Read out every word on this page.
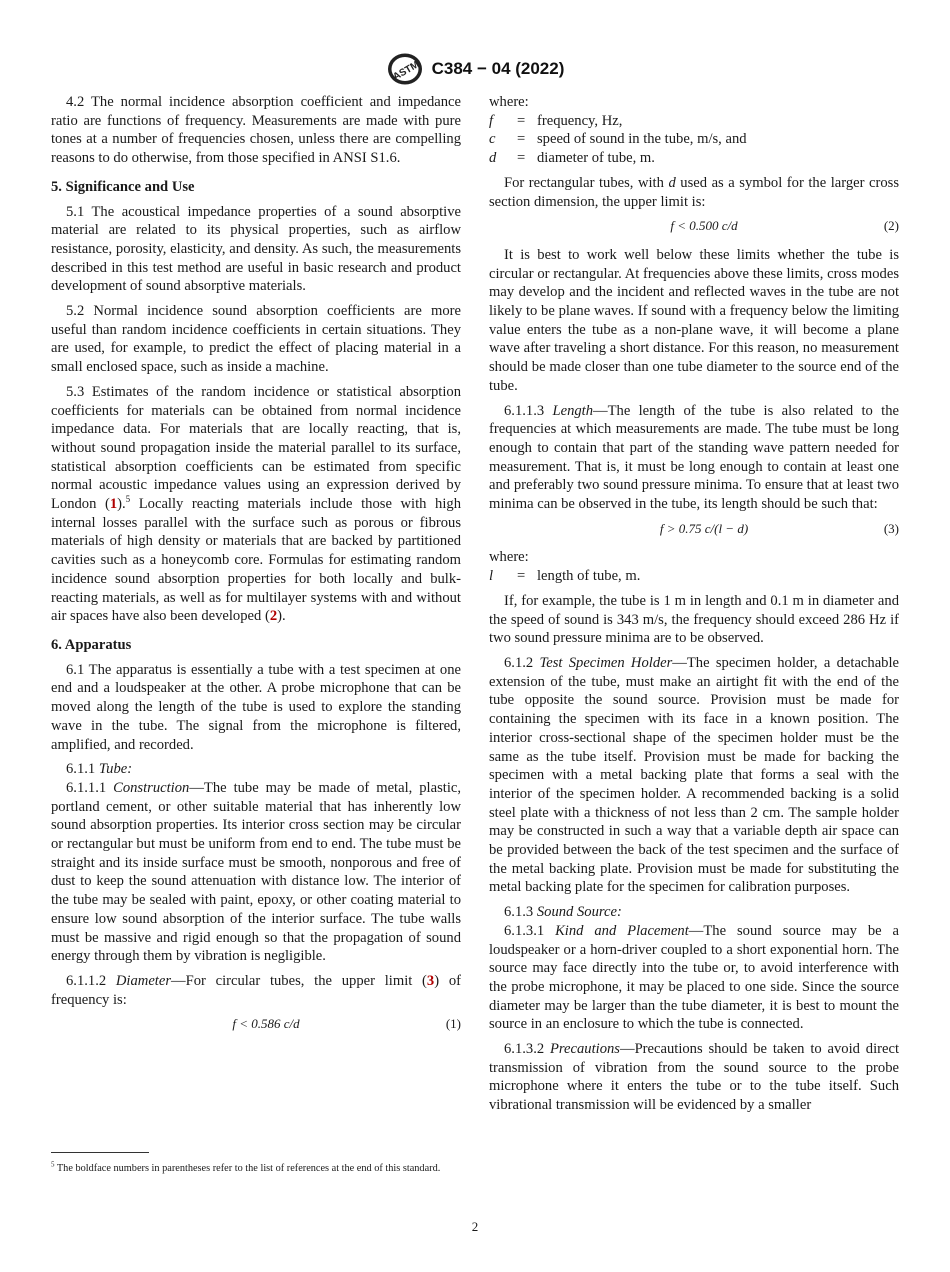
ASTM C384 − 04 (2022)

4.2 The normal incidence absorption coefficient and impedance ratio are functions of frequency. Measurements are made with pure tones at a number of frequencies chosen, unless there are compelling reasons to do otherwise, from those specified in ANSI S1.6.

5. Significance and Use

5.1 The acoustical impedance properties of a sound absorptive material are related to its physical properties, such as airflow resistance, porosity, elasticity, and density. As such, the measurements described in this test method are useful in basic research and product development of sound absorptive materials.

5.2 Normal incidence sound absorption coefficients are more useful than random incidence coefficients in certain situations. They are used, for example, to predict the effect of placing material in a small enclosed space, such as inside a machine.

5.3 Estimates of the random incidence or statistical absorption coefficients for materials can be obtained from normal incidence impedance data. For materials that are locally reacting, that is, without sound propagation inside the material parallel to its surface, statistical absorption coefficients can be estimated from specific normal acoustic impedance values using an expression derived by London (1).$^5$ Locally reacting materials include those with high internal losses parallel with the surface such as porous or fibrous materials of high density or materials that are backed by partitioned cavities such as a honeycomb core. Formulas for estimating random incidence sound absorption properties for both locally and bulk-reacting materials, as well as for multilayer systems with and without air spaces have also been developed (2).

6. Apparatus

6.1 The apparatus is essentially a tube with a test specimen at one end and a loudspeaker at the other. A probe microphone that can be moved along the length of the tube is used to explore the standing wave in the tube. The signal from the microphone is filtered, amplified, and recorded.

6.1.1 Tube:

6.1.1.1 Construction—The tube may be made of metal, plastic, portland cement, or other suitable material that has inherently low sound absorption properties. Its interior cross section may be circular or rectangular but must be uniform from end to end. The tube must be straight and its inside surface must be smooth, nonporous and free of dust to keep the sound attenuation with distance low. The interior of the tube may be sealed with paint, epoxy, or other coating material to ensure low sound absorption of the interior surface. The tube walls must be massive and rigid enough so that the propagation of sound energy through them by vibration is negligible.

6.1.1.2 Diameter—For circular tubes, the upper limit (3) of frequency is:

f < 0.586 c/d	(1)
$^5$ The boldface numbers in parentheses refer to the list of references at the end of this standard.

where:

f	= frequency, Hz,
c	= speed of sound in the tube, m/s, and
d	= diameter of tube, m.

For rectangular tubes, with d used as a symbol for the larger cross section dimension, the upper limit is:

f < 0.500 c/d	(2)

It is best to work well below these limits whether the tube is circular or rectangular. At frequencies above these limits, cross modes may develop and the incident and reflected waves in the tube are not likely to be plane waves. If sound with a frequency below the limiting value enters the tube as a non-plane wave, it will become a plane wave after traveling a short distance. For this reason, no measurement should be made closer than one tube diameter to the source end of the tube.

6.1.1.3 Length—The length of the tube is also related to the frequencies at which measurements are made. The tube must be long enough to contain that part of the standing wave pattern needed for measurement. That is, it must be long enough to contain at least one and preferably two sound pressure minima. To ensure that at least two minima can be observed in the tube, its length should be such that:

f > 0.75 c/(l − d)	(3)

where:

l	= length of tube, m.

If, for example, the tube is 1 m in length and 0.1 m in diameter and the speed of sound is 343 m/s, the frequency should exceed 286 Hz if two sound pressure minima are to be observed.

6.1.2 Test Specimen Holder—The specimen holder, a detachable extension of the tube, must make an airtight fit with the end of the tube opposite the sound source. Provision must be made for containing the specimen with its face in a known position. The interior cross-sectional shape of the specimen holder must be the same as the tube itself. Provision must be made for backing the specimen with a metal backing plate that forms a seal with the interior of the specimen holder. A recommended backing is a solid steel plate with a thickness of not less than 2 cm. The sample holder may be constructed in such a way that a variable depth air space can be provided between the back of the test specimen and the surface of the metal backing plate. Provision must be made for substituting the metal backing plate for the specimen for calibration purposes.

6.1.3 Sound Source:

6.1.3.1 Kind and Placement—The sound source may be a loudspeaker or a horn-driver coupled to a short exponential horn. The source may face directly into the tube or, to avoid interference with the probe microphone, it may be placed to one side. Since the source diameter may be larger than the tube diameter, it is best to mount the source in an enclosure to which the tube is connected.

6.1.3.2 Precautions—Precautions should be taken to avoid direct transmission of vibration from the sound source to the probe microphone where it enters the tube or to the tube itself. Such vibrational transmission will be evidenced by a smaller

2
